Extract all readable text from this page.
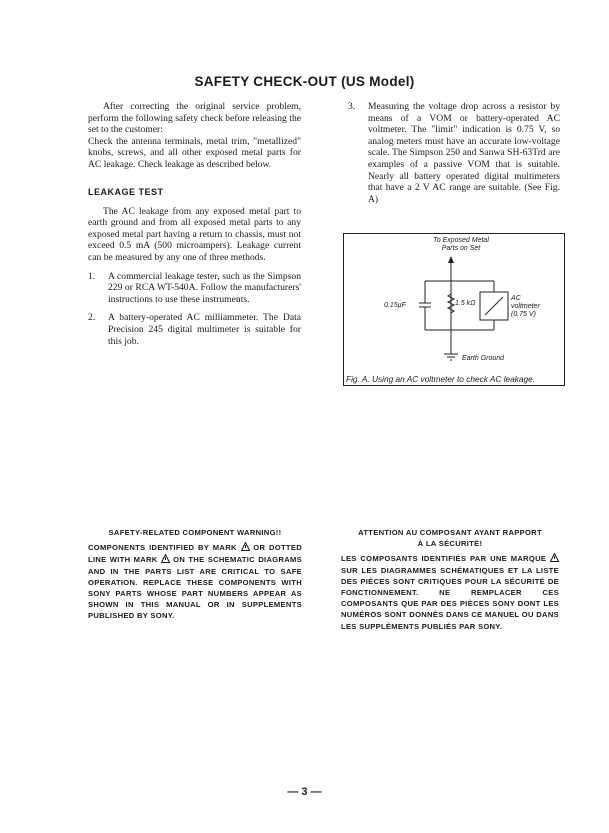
SAFETY CHECK-OUT (US Model)

After correcting the original service problem, perform the following safety check before releasing the set to the customer:

Check the antenna terminals, metal trim, "metallized" knobs, screws, and all other exposed metal parts for AC leakage. Check leakage as described below.

LEAKAGE TEST

The AC leakage from any exposed metal part to earth ground and from all exposed metal parts to any exposed metal part having a return to chassis, must not exceed 0.5 mA (500 microampers). Leakage current can be measured by any one of three methods.

1.	A commercial leakage tester, such as the Simpson 229 or RCA WT-540A. Follow the manufacturers' instructions to use these instruments.

2.	A battery-operated AC milliammeter. The Data Precision 245 digital multimeter is suitable for this job.

3.	Measuring the voltage drop across a resistor by means of a VOM or battery-operated AC voltmeter. The "limit" indication is 0.75 V, so analog meters must have an accurate low-voltage scale. The Simpson 250 and Sanwa SH-63Trd are examples of a passive VOM that is suitable. Nearly all battery operated digital multimeters that have a 2 V AC range are suitable. (See Fig. A)

To Exposed Metal
Parts on Set
0.15µF	1.5 kΩ
AC
voltmeter
(0.75 V)
Earth Ground
Fig. A. Using an AC voltmeter to check AC leakage.
SAFETY-RELATED COMPONENT WARNING!!
COMPONENTS IDENTIFIED BY MARK OR DOTTED LINE WITH MARK ON THE SCHEMATIC DIAGRAMS AND IN THE PARTS LIST ARE CRITICAL TO SAFE OPERATION. REPLACE THESE COMPONENTS WITH SONY PARTS WHOSE PART NUMBERS APPEAR AS SHOWN IN THIS MANUAL OR IN SUPPLEMENTS PUBLISHED BY SONY.
ATTENTION AU COMPOSANT AYANT RAPPORT
À LA SÉCURITÉ!
LES COMPOSANTS IDENTIFIÉS PAR UNE MARQUE  SUR LES DIAGRAMMES SCHÉMATIQUES ET LA LISTE DES PIÈCES SONT CRITIQUES POUR LA SÉCURITÉ DE FONCTIONNEMENT. NE REMPLACER CES COMPOSANTS QUE PAR DES PIÈCES SONY DONT LES NUMÉROS SONT DONNÉS DANS CE MANUEL OU DANS LES SUPPLÉMENTS PUBLIÉS PAR SONY.
— 3 —
